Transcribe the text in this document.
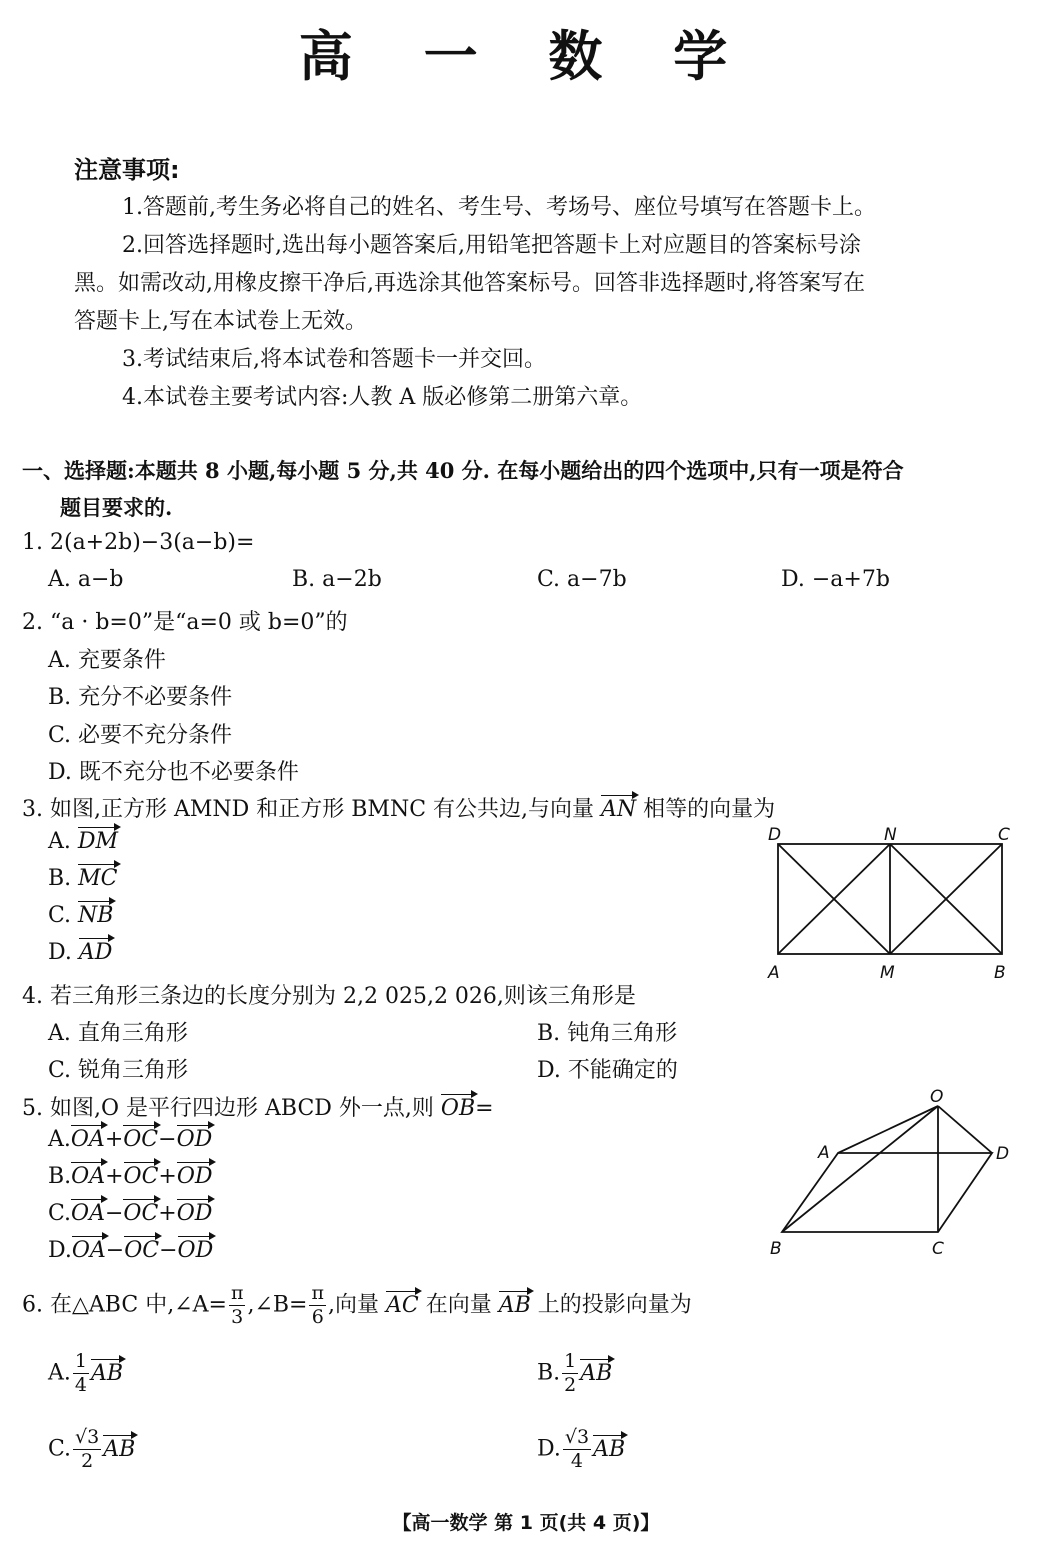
高 一 数 学
注意事项:
1.答题前,考生务必将自己的姓名、考生号、考场号、座位号填写在答题卡上。
2.回答选择题时,选出每小题答案后,用铅笔把答题卡上对应题目的答案标号涂
黑。如需改动,用橡皮擦干净后,再选涂其他答案标号。回答非选择题时,将答案写在
答题卡上,写在本试卷上无效。
3.考试结束后,将本试卷和答题卡一并交回。
4.本试卷主要考试内容:人教 A 版必修第二册第六章。
一、选择题:本题共 8 小题,每小题 5 分,共 40 分. 在每小题给出的四个选项中,只有一项是符合
题目要求的.
1. 2(a+2b)−3(a−b)=
A. a−b	B. a−2b	C. a−7b	D. −a+7b
2. “a · b=0”是“a=0 或 b=0”的
A. 充要条件
B. 充分不必要条件
C. 必要不充分条件
D. 既不充分也不必要条件
3. 如图,正方形 AMND 和正方形 BMNC 有公共边,与向量 AN 相等的向量为
A. DM
B. MC
C. NB
D. AD
D	N	C
A	M	B
4. 若三角形三条边的长度分别为 2,2 025,2 026,则该三角形是
A. 直角三角形	B. 钝角三角形
C. 锐角三角形	D. 不能确定的
5. 如图,O 是平行四边形 ABCD 外一点,则 OB=
A.OA+OC−OD
B.OA+OC+OD
C.OA−OC+OD
D.OA−OC−OD
O
A	D
B	C
6. 在△ABC 中,∠A= $\frac{\pi}{3}$ ,∠B= $\frac{\pi}{6}$ ,向量 AC 在向量 AB 上的投影向量为
A. $\frac{1}{4}$ AB	B. $\frac{1}{2}$ AB
C. $\frac{√3}{2}$ AB	D. $\frac{√3}{4}$ AB
【高一数学 第 1 页(共 4 页)】
